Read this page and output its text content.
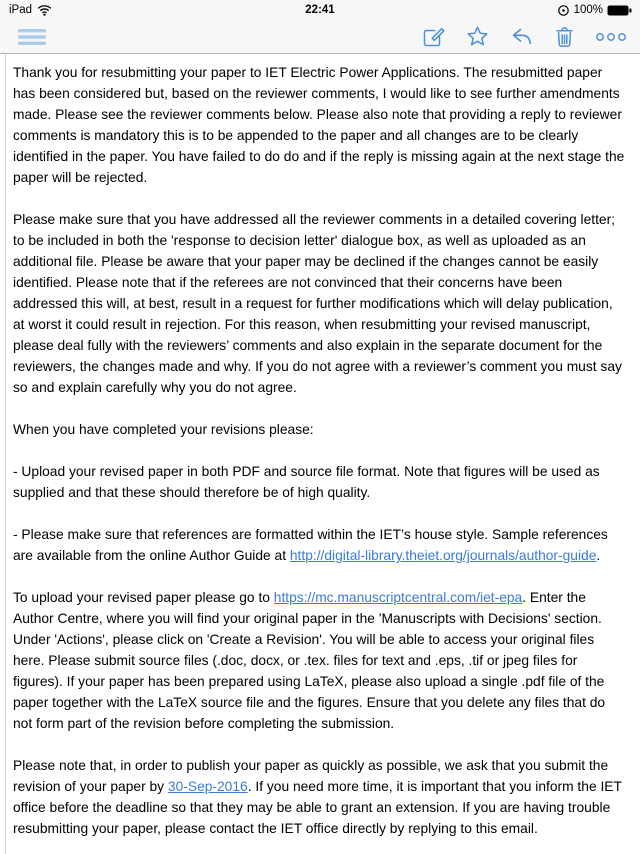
iPad	22:41	100%

Thank you for resubmitting your paper to IET Electric Power Applications. The resubmitted paper has been considered but, based on the reviewer comments, I would like to see further amendments made. Please see the reviewer comments below. Please also note that providing a reply to reviewer comments is mandatory this is to be appended to the paper and all changes are to be clearly identified in the paper. You have failed to do do and if the reply is missing again at the next stage the paper will be rejected.

Please make sure that you have addressed all the reviewer comments in a detailed covering letter; to be included in both the 'response to decision letter' dialogue box, as well as uploaded as an additional file. Please be aware that your paper may be declined if the changes cannot be easily identified. Please note that if the referees are not convinced that their concerns have been addressed this will, at best, result in a request for further modifications which will delay publication, at worst it could result in rejection. For this reason, when resubmitting your revised manuscript, please deal fully with the reviewers’ comments and also explain in the separate document for the reviewers, the changes made and why. If you do not agree with a reviewer’s comment you must say so and explain carefully why you do not agree.

When you have completed your revisions please:

- Upload your revised paper in both PDF and source file format. Note that figures will be used as supplied and that these should therefore be of high quality.

- Please make sure that references are formatted within the IET’s house style. Sample references are available from the online Author Guide at http://digital-library.theiet.org/journals/author-guide.

To upload your revised paper please go to https://mc.manuscriptcentral.com/iet-epa. Enter the Author Centre, where you will find your original paper in the 'Manuscripts with Decisions' section. Under 'Actions', please click on 'Create a Revision'. You will be able to access your original files here. Please submit source files (.doc, docx, or .tex. files for text and .eps, .tif or jpeg files for figures). If your paper has been prepared using LaTeX, please also upload a single .pdf file of the paper together with the LaTeX source file and the figures. Ensure that you delete any files that do not form part of the revision before completing the submission.

Please note that, in order to publish your paper as quickly as possible, we ask that you submit the revision of your paper by 30-Sep-2016. If you need more time, it is important that you inform the IET office before the deadline so that they may be able to grant an extension. If you are having trouble resubmitting your paper, please contact the IET office directly by replying to this email.
